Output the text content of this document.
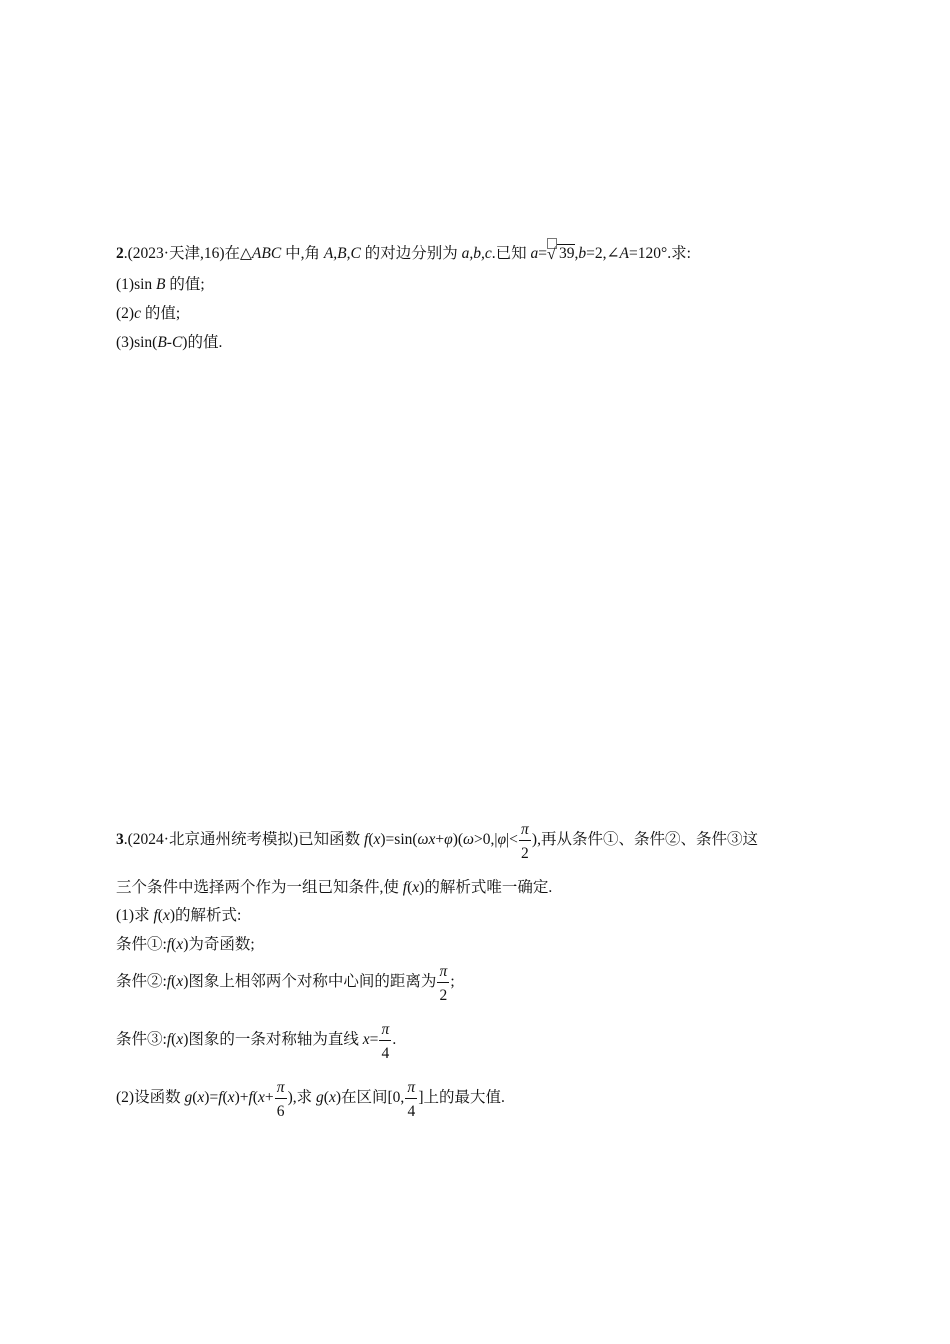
2.(2023·天津,16)在△ABC 中,角 A,B,C 的对边分别为 a,b,c.已知 a= √ 39,b=2,∠A=120°.求:
(1)sin B 的值;
(2)c 的值;
(3)sin(B-C)的值.
3.(2024·北京通州统考模拟)已知函数 $f(x)=\sin(\omega x+\varphi)(\omega>0,|\varphi|< \frac{\pi}{2}$ ),再从条件①、条件②、条件③这
三个条件中选择两个作为一组已知条件,使 f(x)的解析式唯一确定.
(1)求 f(x)的解析式:
条件①:f(x)为奇函数;
条件②:f(x)图象上相邻两个对称中心间的距离为 $\frac{\pi}{2}$ ;
条件③:f(x)图象的一条对称轴为直线 $x= \frac{\pi}{4}$ .
(2)设函数 $g(x)=f(x)+f(x+ \frac{\pi}{6}$ ),求 g(x)在区间[0, $\frac{\pi}{4}$ ]上的最大值.
